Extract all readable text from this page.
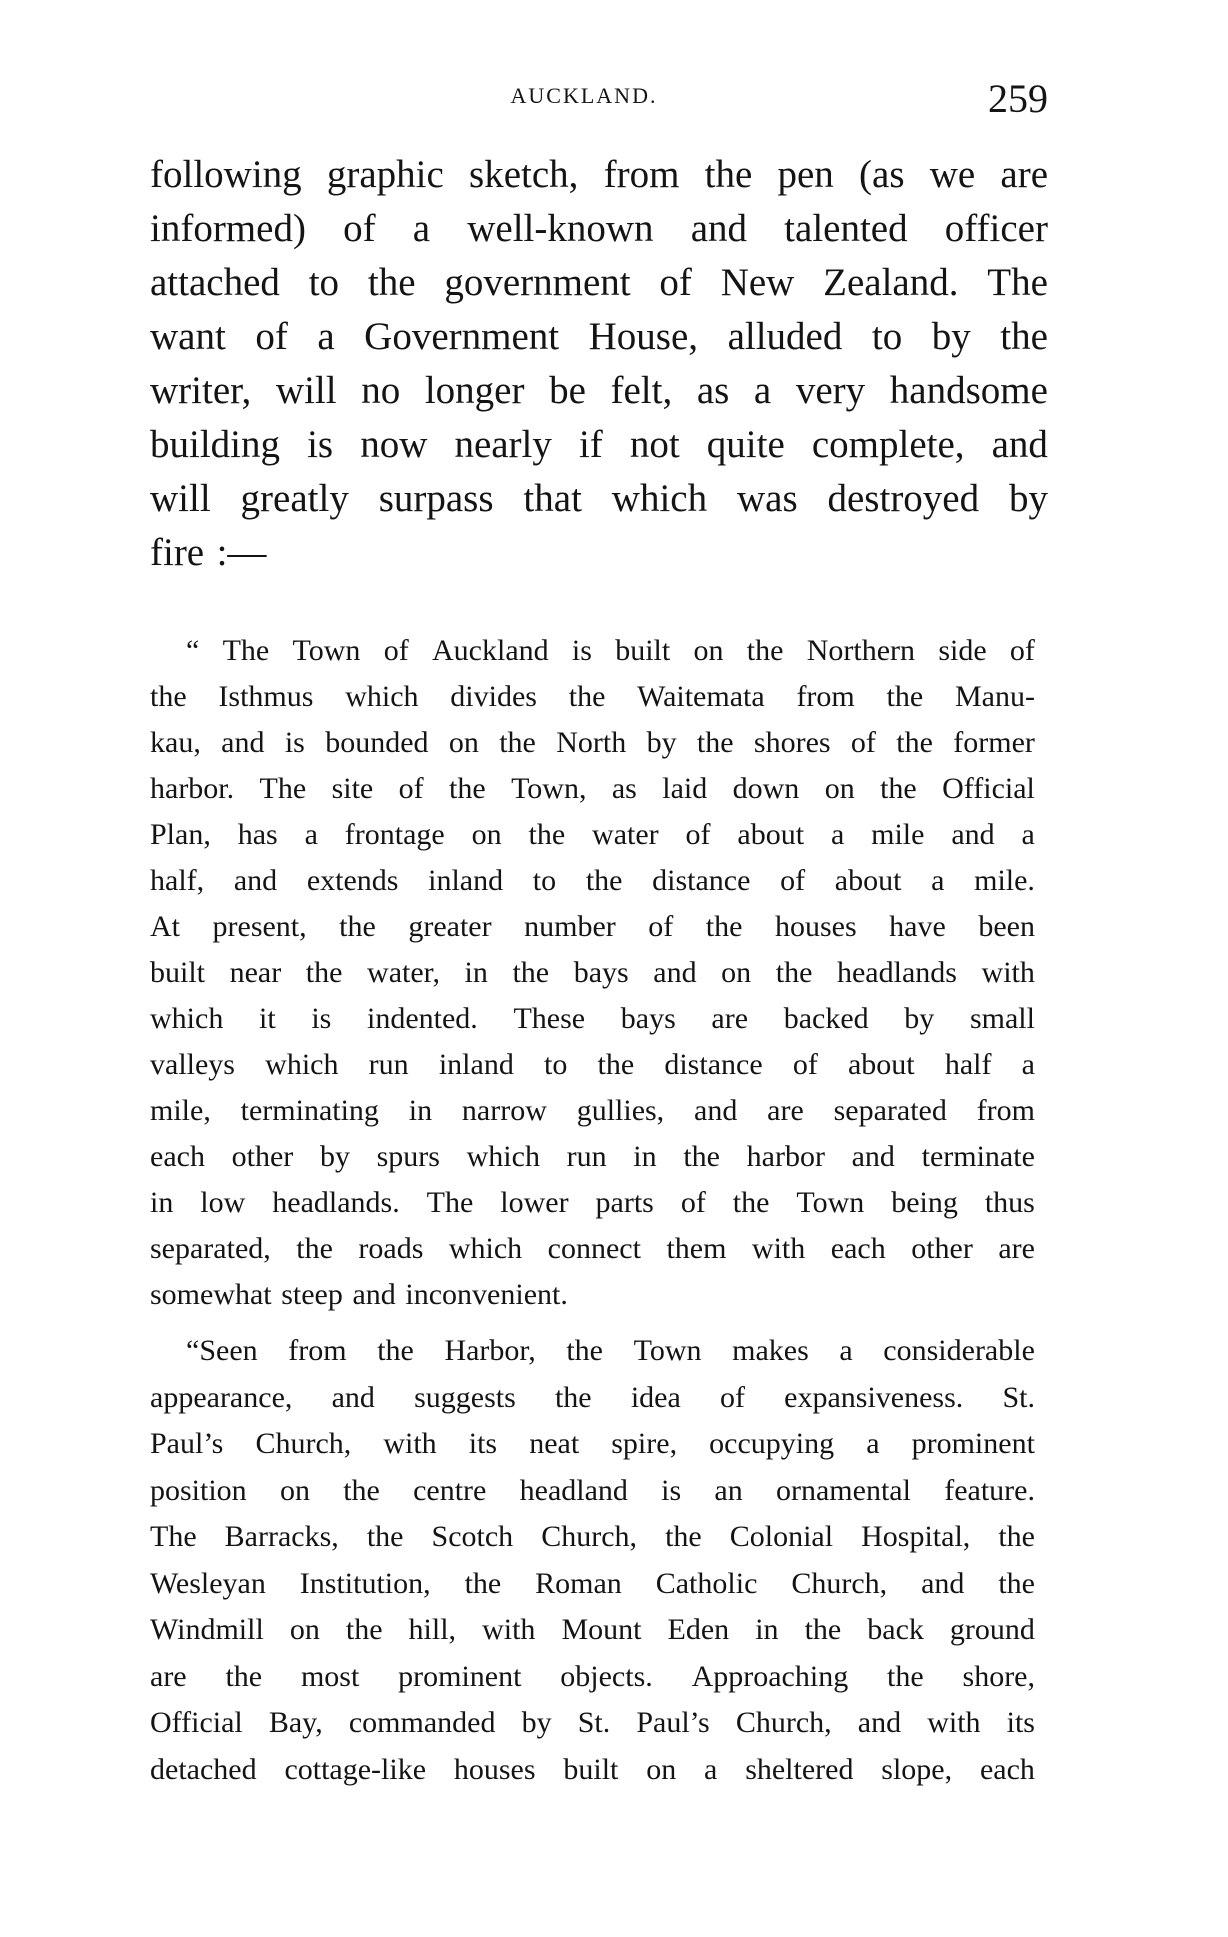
AUCKLAND.	259
following graphic sketch, from the pen (as we are
informed) of a well-known and talented officer
attached to the government of New Zealand. The
want of a Government House, alluded to by the
writer, will no longer be felt, as a very handsome
building is now nearly if not quite complete, and
will greatly surpass that which was destroyed by
fire :—
“ The Town of Auckland is built on the Northern side of
the Isthmus which divides the Waitemata from the Manu-
kau, and is bounded on the North by the shores of the former
harbor. The site of the Town, as laid down on the Official
Plan, has a frontage on the water of about a mile and a
half, and extends inland to the distance of about a mile.
At present, the greater number of the houses have been
built near the water, in the bays and on the headlands with
which it is indented. These bays are backed by small
valleys which run inland to the distance of about half a
mile, terminating in narrow gullies, and are separated from
each other by spurs which run in the harbor and terminate
in low headlands. The lower parts of the Town being thus
separated, the roads which connect them with each other are
somewhat steep and inconvenient.
“Seen from the Harbor, the Town makes a considerable
appearance, and suggests the idea of expansiveness. St.
Paul’s Church, with its neat spire, occupying a prominent
position on the centre headland is an ornamental feature.
The Barracks, the Scotch Church, the Colonial Hospital, the
Wesleyan Institution, the Roman Catholic Church, and the
Windmill on the hill, with Mount Eden in the back ground
are the most prominent objects. Approaching the shore,
Official Bay, commanded by St. Paul’s Church, and with its
detached cottage-like houses built on a sheltered slope, each
